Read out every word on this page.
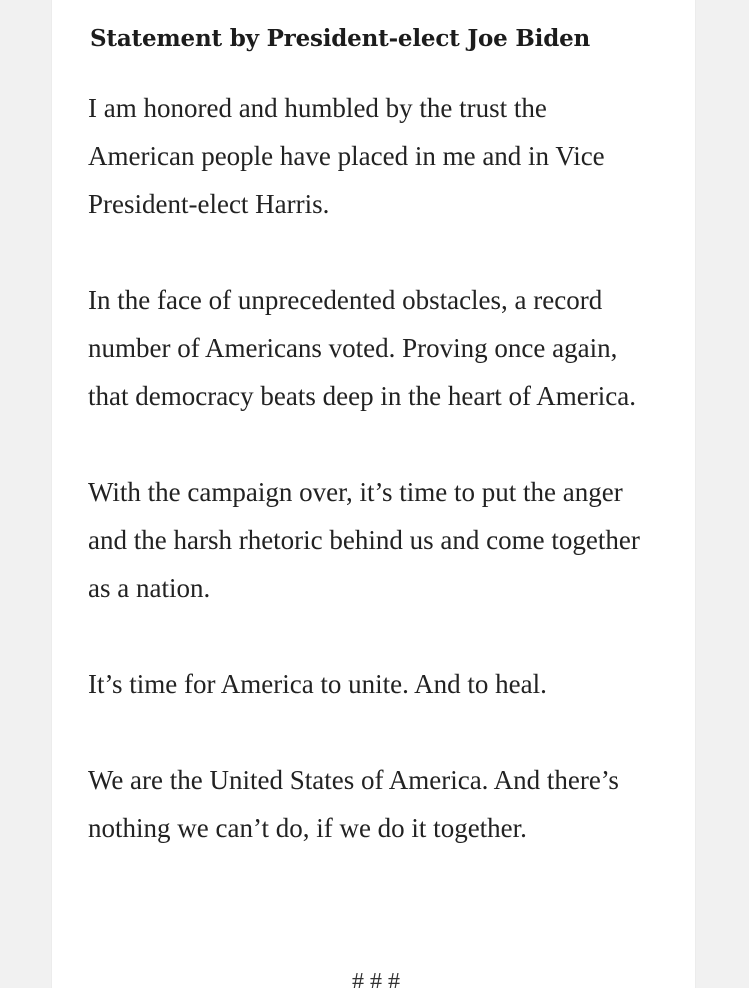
Statement by President-elect Joe Biden

I am honored and humbled by the trust the American people have placed in me and in Vice President-elect Harris.

In the face of unprecedented obstacles, a record number of Americans voted. Proving once again, that democracy beats deep in the heart of America.

With the campaign over, it’s time to put the anger and the harsh rhetoric behind us and come together as a nation.

It’s time for America to unite. And to heal.

We are the United States of America. And there’s nothing we can’t do, if we do it together.

# # #
